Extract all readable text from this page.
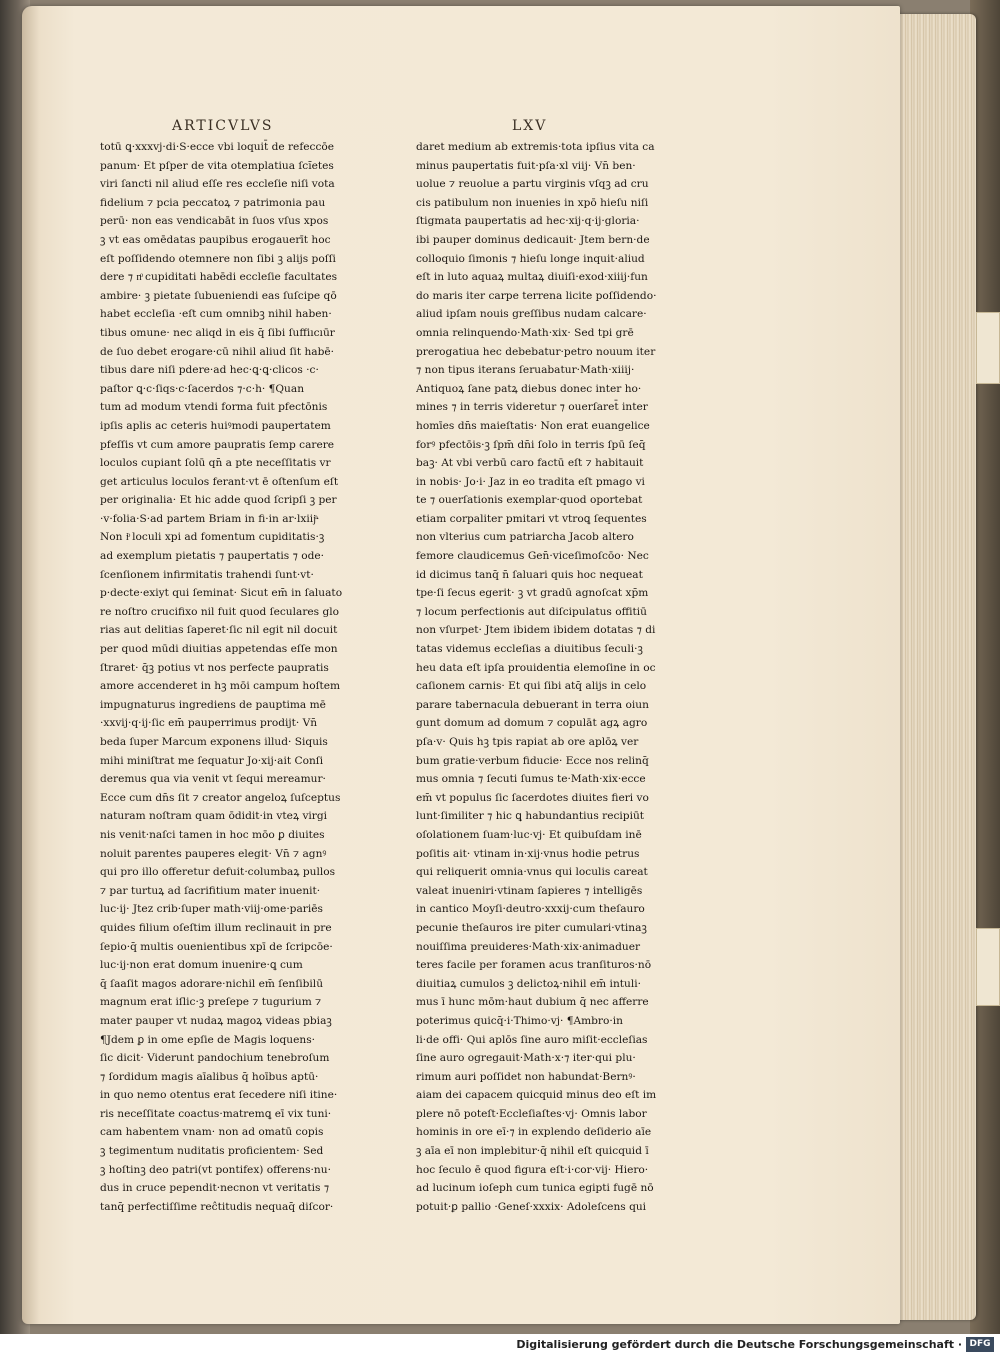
ARTICVLVS	LXV
totū ꝗ·xxxvj·di·S·ecce vbi loquit̄ de refeccōe
panum· Et pſper de vita otemplatiua ſcı̄etes
viri ſancti nil aliud eſſe res eccleſie niſi vota
fidelium ⁊ pcia peccatoꝝ ⁊ patrimonia pau
perū· non eas vendicabāt in ſuos vſus xpos
ꝫ vt eas omēdatas paupibus erogauerīt hoc
eſt poſſidendo otemnere non ſibi ꝫ alijs poſſi
dere ⁊ nͦ cupiditati habēdi eccleſie facultates
ambire· ꝫ pietate ſubueniendi eas ſuſcipe qō
habet eccleſia ·eſt cum omnibꝫ nihil haben·
tibus omune· nec aliqd in eis q̄ ſibi ſuffiıcıūr
de ſuo debet erogare·cū nihil aliud ſit habē·
tibus dare niſi pdere·ad hec·ꝗ·ꝗ·clicos ·c·
paſtor ꝗ·c·ſiqs·c·ſacerdos ⁊·c·h· ¶Quan
tum ad modum vtendi forma fuit pfectōnis
ipſis aplis ac ceteris huiꝰmodi paupertatem
pfeſſis vt cum amore paupratis ſemp carere
loculos cupiant ſolū qn̄ a pte neceſſitatis vr
get articulus loculos ferant·vt ē oſtenſum eſt
per originalia· Et hic adde quod ſcripſi ꝫ per
·v·folia·S·ad partem Briam in fi·in ar·lxiijͦ·
Non iͦ loculi xpi ad fomentum cupiditatis·ꝫ
ad exemplum pietatis ⁊ paupertatis ⁊ ode·
ſcenſionem infirmitatis trahendi ſunt·vt·
p·decte·exiyt qui ſeminat· Sicut em̄ in ſaluato
re noſtro crucifixo nil fuit quod ſeculares glo
rias aut delitias ſaperet·ſic nil egit nil docuit
per quod mūdi diuitias appetendas eſſe mon
ſtraret· q̄ꝫ potius vt nos perfecte paupratis
amore accenderet in hꝫ mōi campum hoſtem
impugnaturus ingrediens de pauptima mē
·xxvij·q·ij·ſic em̄ pauperrimus prodijt· Vn̄
beda ſuper Marcum exponens illud· Siquis
mihi miniſtrat me ſequatur Jo·xij·ait Conſi
deremus qua via venit vt ſequi mereamur·
Ecce cum dn̄s ſit ⁊ creator angeloꝝ ſuſceptus
naturam noſtram quam ōdidit·in vteꝝ virgi
nis venit·naſci tamen in hoc mōo ꝑ diuites
noluit parentes pauperes elegit· Vn̄ ⁊ agnꝰ
qui pro illo offeretur defuit·columbaꝝ pullos
⁊ par turtuꝝ ad ſacrifitium mater inuenit·
luc·ij· Jtez crib·ſuper math·viij·ome·pariēs
quides filium oſeſtim illum reclinauit in pre
ſepio·q̄ multis ouenientibus xpī de ſcripcōe·
luc·ij·non erat domum inuenire·ꝗ cum
q̄ ſaaſit magos adorare·nichil em̄ ſenſibilū
magnum erat iſlic·ꝫ preſepe ⁊ tugurium ⁊
mater pauper vt nudaꝝ magoꝝ videas pbiaꝫ
¶Jdem ꝑ in ome epſie de Magis loquens·
ſic dicit· Viderunt pandochium tenebroſum
⁊ ſordidum magis aīalibus q̄ hoībus aptū·
in quo nemo otentus erat ſecedere niſi itine·
ris neceſſitate coactus·matremꝗ eī vix tuni·
cam habentem vnam· non ad omatū copis
ꝫ tegimentum nuditatis proficientem· Sed
ꝫ hoſtinꝫ deo patri(vt pontifex) offerens·nu·
dus in cruce pependit·necnon vt veritatis ⁊
tanq̄ perfectiſſime reĉtitudis nequaq̄ diſcor·
daret medium ab extremis·tota ipſius vita ca
minus paupertatis fuit·pſa·xl viij· Vn̄ ben·
uolue ⁊ reuolue a partu virginis vſqꝫ ad cru
cis patibulum non inuenies in xpō hieſu niſi
ſtigmata paupertatis ad hec·xij·q·ij·gloria·
ibi pauper dominus dedicauit· Jtem bern·de
colloquio ſimonis ⁊ hieſu longe inquit·aliud
eſt in luto aquaꝝ multaꝝ diuiſi·exod·xiiij·fun
do maris iter carpe terrena licite poſſidendo·
aliud ipſam nouis greſſibus nudam calcare·
omnia relinquendo·Math·xix· Sed tpi grē
prerogatiua hec debebatur·petro nouum iter
⁊ non tipus iterans ſeruabatur·Math·xiiij·
Antiquoꝝ ſane patꝝ diebus donec inter ho·
mines ⁊ in terris videretur ⁊ ouerſaret̄ inter
homīes dn̄s maieſtatis· Non erat euangelice
forꝰ pfectōis·ꝫ ſpm̄ dn̄i ſolo in terris ſpū ſeq̄
baꝫ· At vbi verbū caro factū eſt ⁊ habitauit
in nobis· Jo·i· Jaz in eo tradita eſt pmago vi
te ⁊ ouerſationis exemplar·quod oportebat
etiam corpaliter pmitari vt vtroꝗ ſequentes
non vlterius cum patriarcha Jacob altero
femore claudicemus Gen̄·viceſimoſcōo· Nec
id dicimus tanq̄ n̄ ſaluari quis hoc nequeat
tpe·ſi ſecus egerit· ꝫ vt gradū agnoſcat xp̄m
⁊ locum perfectionis aut diſcipulatus offitiū
non vſurpet· Jtem ibidem ibidem dotatas ⁊ di
tatas videmus eccleſias a diuitibus ſeculi·ꝫ
heu data eſt ipſa prouidentia elemoſine in oc
caſionem carnis· Et qui ſibi atq̄ alijs in celo
parare tabernacula debuerant in terra oiun
gunt domum ad domum ⁊ copulāt agꝝ agro
pſa·v· Quis hꝫ tpis rapiat ab ore aplōꝝ ver
bum gratie·verbum fiducie· Ecce nos relinq̄
mus omnia ⁊ ſecuti ſumus te·Math·xix·ecce
em̄ vt populus ſic ſacerdotes diuites fieri vo
lunt·ſimiliter ⁊ hic ꝗ habundantius recipiūt
oſolationem ſuam·luc·vj· Et quibuſdam inē
poſitis ait· vtinam in·xij·vnus hodie petrus
qui reliquerit omnia·vnus qui loculis careat
valeat inueniri·vtinam ſapieres ⁊ intelligēs
in cantico Moyſi·deutro·xxxij·cum theſauro
pecunie theſauros ire piter cumulari·vtinaꝫ
nouiſſima preuideres·Math·xix·animaduer
teres facile per foramen acus tranſituros·nō
diuitiaꝝ cumulos ꝫ delictoꝝ·nihil em̄ intuli·
mus ī hunc mōm·haut dubium q̄ nec afferre
poterimus quicq̄·i·Thimo·vj· ¶Ambro·in
li·de offi· Qui aplōs ſine auro miſit·eccleſias
ſine auro ogregauit·Math·x·⁊ iter·qui plu·
rimum auri poſſidet non habundat·Bernꝰ·
aiam dei capacem quicquid minus deo eſt im
plere nō poteſt·Eccleſiaſtes·vj· Omnis labor
hominis in ore eī·⁊ in explendo deſiderio aīe
ꝫ aīa eī non implebitur·q̄ nihil eſt quicquid ī
hoc ſeculo ē quod figura eſt·i·cor·vij· Hiero·
ad lucinum ioſeph cum tunica egipti fugē nō
potuit·ꝑ pallio ·Geneſ·xxxix· Adoleſcens qui
Digitalisierung gefördert durch die Deutsche Forschungsgemeinschaft · DFG
